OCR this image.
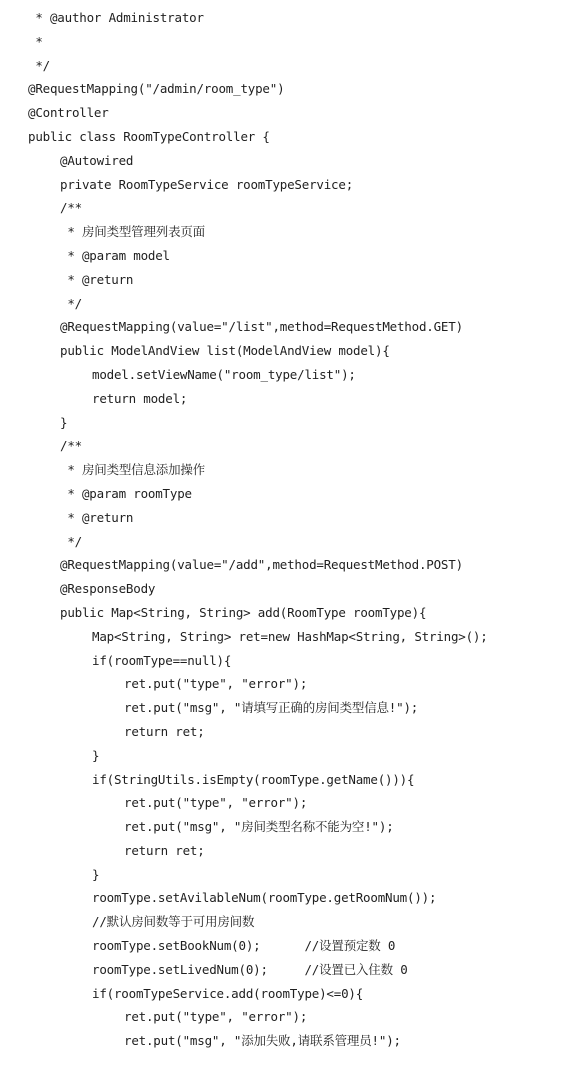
* @author Administrator
*
*/
@RequestMapping("/admin/room_type")
@Controller
public class RoomTypeController {
@Autowired
private RoomTypeService roomTypeService;
/**
* 房间类型管理列表页面
* @param model
* @return
*/
@RequestMapping(value="/list",method=RequestMethod.GET)
public ModelAndView list(ModelAndView model){
model.setViewName("room_type/list");
return model;
}
/**
* 房间类型信息添加操作
* @param roomType
* @return
*/
@RequestMapping(value="/add",method=RequestMethod.POST)
@ResponseBody
public Map<String, String> add(RoomType roomType){
Map<String, String> ret=new HashMap<String, String>();
if(roomType==null){
ret.put("type", "error");
ret.put("msg", "请填写正确的房间类型信息!");
return ret;
}
if(StringUtils.isEmpty(roomType.getName())){
ret.put("type", "error");
ret.put("msg", "房间类型名称不能为空!");
return ret;
}
roomType.setAvilableNum(roomType.getRoomNum());
//默认房间数等于可用房间数
roomType.setBookNum(0);      //设置预定数 0
roomType.setLivedNum(0);     //设置已入住数 0
if(roomTypeService.add(roomType)<=0){
ret.put("type", "error");
ret.put("msg", "添加失败,请联系管理员!");
